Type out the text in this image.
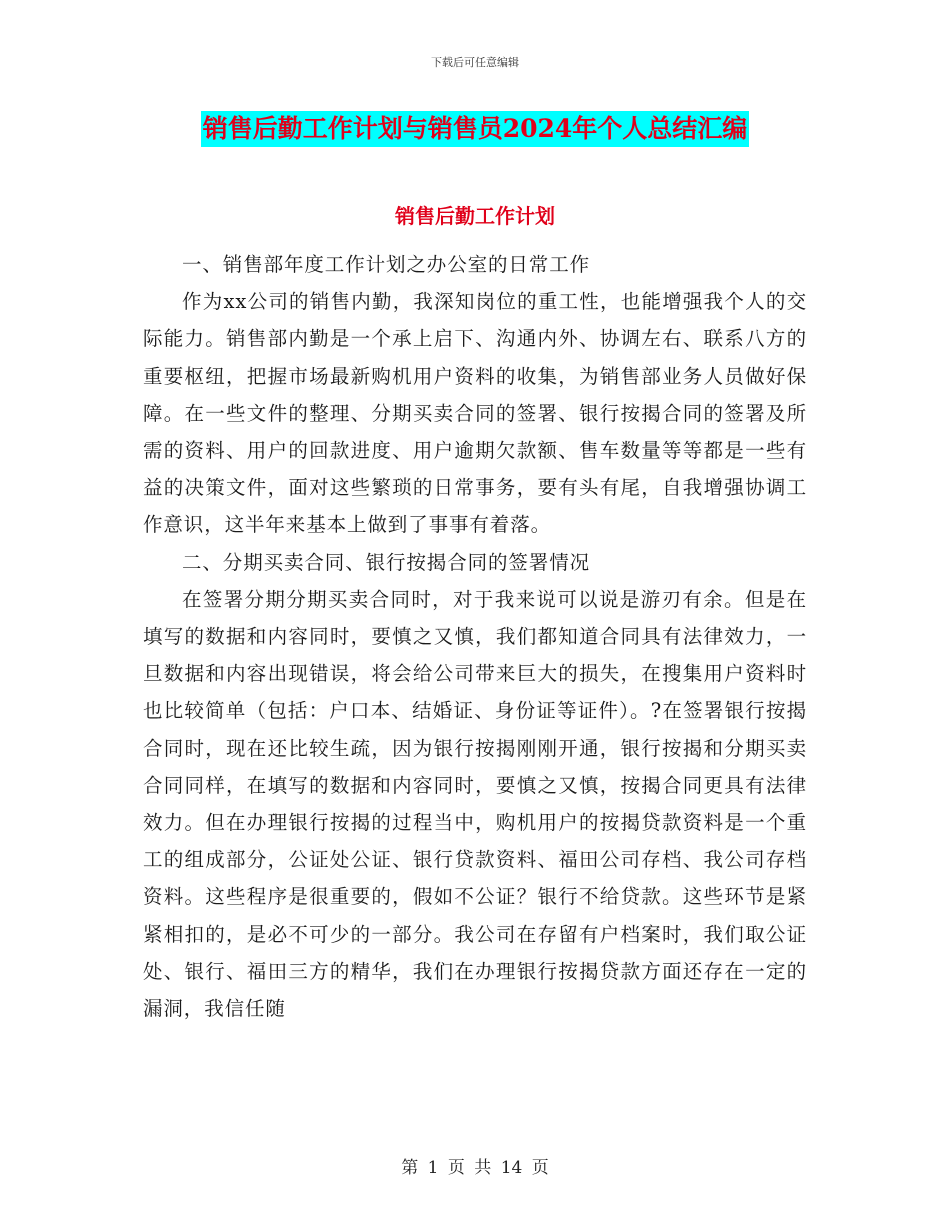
下载后可任意编辑
销售后勤工作计划与销售员2024年个人总结汇编
销售后勤工作计划

一、销售部年度工作计划之办公室的日常工作

作为xx公司的销售内勤，我深知岗位的重工性，也能增强我个人的交际能力。销售部内勤是一个承上启下、沟通内外、协调左右、联系八方的重要枢纽，把握市场最新购机用户资料的收集，为销售部业务人员做好保障。在一些文件的整理、分期买卖合同的签署、银行按揭合同的签署及所需的资料、用户的回款进度、用户逾期欠款额、售车数量等等都是一些有益的决策文件，面对这些繁琐的日常事务，要有头有尾，自我增强协调工作意识，这半年来基本上做到了事事有着落。

二、分期买卖合同、银行按揭合同的签署情况

在签署分期分期买卖合同时，对于我来说可以说是游刃有余。但是在填写的数据和内容同时，要慎之又慎，我们都知道合同具有法律效力，一旦数据和内容出现错误，将会给公司带来巨大的损失，在搜集用户资料时也比较简单（包括：户口本、结婚证、身份证等证件）。?在签署银行按揭合同时，现在还比较生疏，因为银行按揭刚刚开通，银行按揭和分期买卖合同同样，在填写的数据和内容同时，要慎之又慎，按揭合同更具有法律效力。但在办理银行按揭的过程当中，购机用户的按揭贷款资料是一个重工的组成部分，公证处公证、银行贷款资料、福田公司存档、我公司存档资料。这些程序是很重要的，假如不公证？银行不给贷款。这些环节是紧紧相扣的，是必不可少的一部分。我公司在存留有户档案时，我们取公证处、银行、福田三方的精华，我们在办理银行按揭贷款方面还存在一定的漏洞，我信任随

第 1 页 共 14 页
